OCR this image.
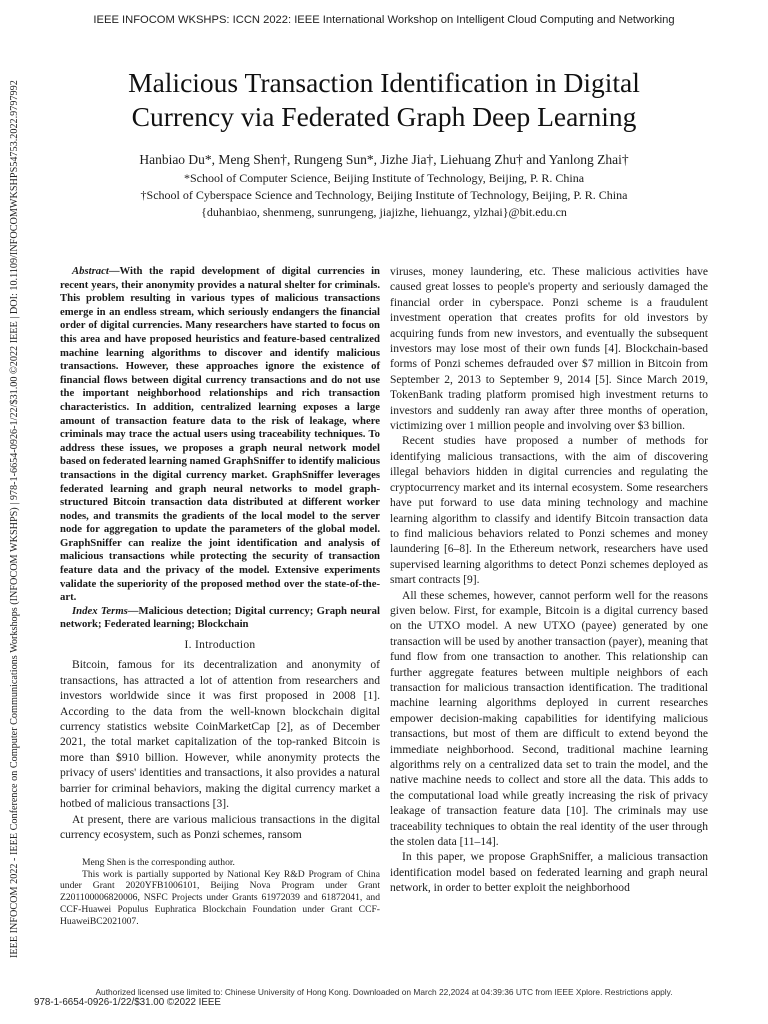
IEEE INFOCOM WKSHPS: ICCN 2022: IEEE International Workshop on Intelligent Cloud Computing and Networking
IEEE INFOCOM 2022 - IEEE Conference on Computer Communications Workshops (INFOCOM WKSHPS) | 978-1-6654-0926-1/22/$31.00 ©2022 IEEE | DOI: 10.1109/INFOCOMWKSHPS54753.2022.9797992	Malicious Transaction Identification in Digital
Currency via Federated Graph Deep Learning
Hanbiao Du*, Meng Shen†, Rungeng Sun*, Jizhe Jia†, Liehuang Zhu† and Yanlong Zhai†
*School of Computer Science, Beijing Institute of Technology, Beijing, P. R. China
†School of Cyberspace Science and Technology, Beijing Institute of Technology, Beijing, P. R. China
{duhanbiao, shenmeng, sunrungeng, jiajizhe, liehuangz, ylzhai}@bit.edu.cn

Abstract—With the rapid development of digital currencies in recent years, their anonymity provides a natural shelter for criminals. This problem resulting in various types of malicious transactions emerge in an endless stream, which seriously endangers the financial order of digital currencies. Many researchers have started to focus on this area and have proposed heuristics and feature-based centralized machine learning algorithms to discover and identify malicious transactions. However, these approaches ignore the existence of financial flows between digital currency transactions and do not use the important neighborhood relationships and rich transaction characteristics. In addition, centralized learning exposes a large amount of transaction feature data to the risk of leakage, where criminals may trace the actual users using traceability techniques. To address these issues, we proposes a graph neural network model based on federated learning named GraphSniffer to identify malicious transactions in the digital currency market. GraphSniffer leverages federated learning and graph neural networks to model graph-structured Bitcoin transaction data distributed at different worker nodes, and transmits the gradients of the local model to the server node for aggregation to update the parameters of the global model. GraphSniffer can realize the joint identification and analysis of malicious transactions while protecting the security of transaction feature data and the privacy of the model. Extensive experiments validate the superiority of the proposed method over the state-of-the-art.

Index Terms—Malicious detection; Digital currency; Graph neural network; Federated learning; Blockchain

I. Introduction

Bitcoin, famous for its decentralization and anonymity of transactions, has attracted a lot of attention from researchers and investors worldwide since it was first proposed in 2008 [1]. According to the data from the well-known blockchain digital currency statistics website CoinMarketCap [2], as of December 2021, the total market capitalization of the top-ranked Bitcoin is more than $910 billion. However, while anonymity protects the privacy of users' identities and transactions, it also provides a natural barrier for criminal behaviors, making the digital currency market a hotbed of malicious transactions [3].

At present, there are various malicious transactions in the digital currency ecosystem, such as Ponzi schemes, ransom

Meng Shen is the corresponding author.

This work is partially supported by National Key R&D Program of China under Grant 2020YFB1006101, Beijing Nova Program under Grant Z201100006820006, NSFC Projects under Grants 61972039 and 61872041, and CCF-Huawei Populus Euphratica Blockchain Foundation under Grant CCF-HuaweiBC2021007.

viruses, money laundering, etc. These malicious activities have caused great losses to people's property and seriously damaged the financial order in cyberspace. Ponzi scheme is a fraudulent investment operation that creates profits for old investors by acquiring funds from new investors, and eventually the subsequent investors may lose most of their own funds [4]. Blockchain-based forms of Ponzi schemes defrauded over $7 million in Bitcoin from September 2, 2013 to September 9, 2014 [5]. Since March 2019, TokenBank trading platform promised high investment returns to investors and suddenly ran away after three months of operation, victimizing over 1 million people and involving over $3 billion.

Recent studies have proposed a number of methods for identifying malicious transactions, with the aim of discovering illegal behaviors hidden in digital currencies and regulating the cryptocurrency market and its internal ecosystem. Some researchers have put forward to use data mining technology and machine learning algorithm to classify and identify Bitcoin transaction data to find malicious behaviors related to Ponzi schemes and money laundering [6–8]. In the Ethereum network, researchers have used supervised learning algorithms to detect Ponzi schemes deployed as smart contracts [9].

All these schemes, however, cannot perform well for the reasons given below. First, for example, Bitcoin is a digital currency based on the UTXO model. A new UTXO (payee) generated by one transaction will be used by another transaction (payer), meaning that fund flow from one transaction to another. This relationship can further aggregate features between multiple neighbors of each transaction for malicious transaction identification. The traditional machine learning algorithms deployed in current researches empower decision-making capabilities for identifying malicious transactions, but most of them are difficult to extend beyond the immediate neighborhood. Second, traditional machine learning algorithms rely on a centralized data set to train the model, and the native machine needs to collect and store all the data. This adds to the computational load while greatly increasing the risk of privacy leakage of transaction feature data [10]. The criminals may use traceability techniques to obtain the real identity of the user through the stolen data [11–14].

In this paper, we propose GraphSniffer, a malicious transaction identification model based on federated learning and graph neural network, in order to better exploit the neighborhood

Authorized licensed use limited to: Chinese University of Hong Kong. Downloaded on March 22,2024 at 04:39:36 UTC from IEEE Xplore. Restrictions apply.
978-1-6654-0926-1/22/$31.00 ©2022 IEEE
